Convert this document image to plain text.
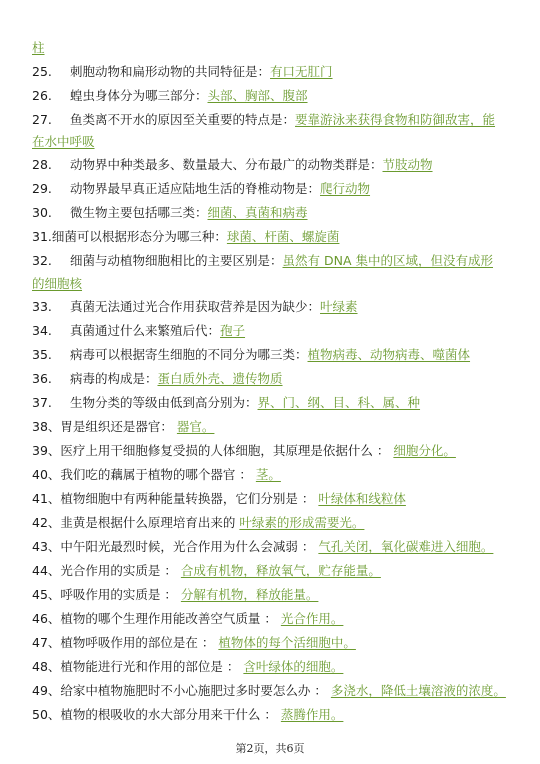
柱
25. 刺胞动物和扁形动物的共同特征是：有口无肛门
26. 蝗虫身体分为哪三部分：头部、胸部、腹部
27. 鱼类离不开水的原因至关重要的特点是：要靠游泳来获得食物和防御敌害，能
在水中呼吸
28. 动物界中种类最多、数量最大、分布最广的动物类群是：节肢动物
29. 动物界最早真正适应陆地生活的脊椎动物是：爬行动物
30. 微生物主要包括哪三类：细菌、真菌和病毒
31.细菌可以根据形态分为哪三种：球菌、杆菌、螺旋菌
32. 细菌与动植物细胞相比的主要区别是：虽然有 DNA 集中的区域，但没有成形
的细胞核
33. 真菌无法通过光合作用获取营养是因为缺少：叶绿素
34. 真菌通过什么来繁殖后代：孢子
35. 病毒可以根据寄生细胞的不同分为哪三类：植物病毒、动物病毒、噬菌体
36. 病毒的构成是：蛋白质外壳、遗传物质
37. 生物分类的等级由低到高分别为：界、门、纲、目、科、属、种
38、胃是组织还是器官： 器官。
39、医疗上用干细胞修复受损的人体细胞，其原理是依据什么 ： 细胞分化。
40、我们吃的藕属于植物的哪个器官 ： 茎。
41、植物细胞中有两种能量转换器，它们分别是 ： 叶绿体和线粒体
42、韭黄是根据什么原理培育出来的 叶绿素的形成需要光。
43、中午阳光最烈时候，光合作用为什么会减弱 ： 气孔关闭，氧化碳难进入细胞。
44、光合作用的实质是 ： 合成有机物，释放氧气，贮存能量。
45、呼吸作用的实质是 ： 分解有机物，释放能量。
46、植物的哪个生理作用能改善空气质量 ： 光合作用。
47、植物呼吸作用的部位是在 ： 植物体的每个活细胞中。
48、植物能进行光和作用的部位是 ： 含叶绿体的细胞。
49、给家中植物施肥时不小心施肥过多时要怎么办 ： 多浇水，降低土壤溶液的浓度。
50、植物的根吸收的水大部分用来干什么 ： 蒸腾作用。
第2页，共6页
